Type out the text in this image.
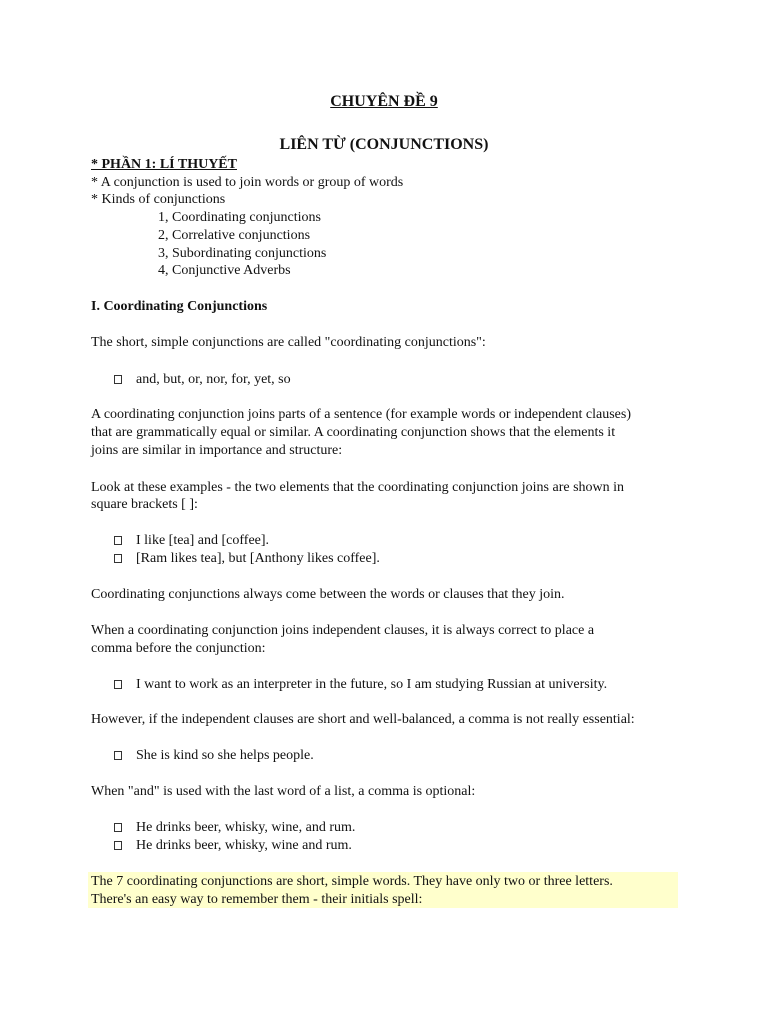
CHUYÊN ĐỀ 9
LIÊN TỪ (CONJUNCTIONS)
* PHẦN 1: LÍ THUYẾT
* A conjunction is used to join words or group of words
* Kinds of conjunctions
1, Coordinating conjunctions
2, Correlative conjunctions
3, Subordinating conjunctions
4, Conjunctive Adverbs
I. Coordinating Conjunctions
The short, simple conjunctions are called "coordinating conjunctions":
and, but, or, nor, for, yet, so
A coordinating conjunction joins parts of a sentence (for example words or independent clauses)
that are grammatically equal or similar. A coordinating conjunction shows that the elements it
joins are similar in importance and structure:
Look at these examples - the two elements that the coordinating conjunction joins are shown in
square brackets [ ]:
I like [tea] and [coffee].
[Ram likes tea], but [Anthony likes coffee].
Coordinating conjunctions always come between the words or clauses that they join.
When a coordinating conjunction joins independent clauses, it is always correct to place a
comma before the conjunction:
I want to work as an interpreter in the future, so I am studying Russian at university.
However, if the independent clauses are short and well-balanced, a comma is not really essential:
She is kind so she helps people.
When "and" is used with the last word of a list, a comma is optional:
He drinks beer, whisky, wine, and rum.
He drinks beer, whisky, wine and rum.
The 7 coordinating conjunctions are short, simple words. They have only two or three letters.
There's an easy way to remember them - their initials spell:
